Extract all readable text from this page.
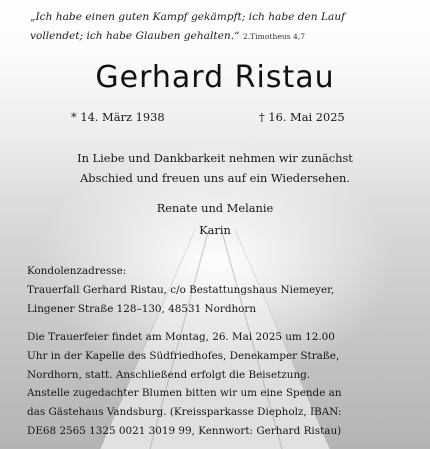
„Ich habe einen guten Kampf gekämpft; ich habe den Lauf
vollendet; ich habe Glauben gehalten.“ 2.Timotheus 4,7
Gerhard Ristau
* 14. März 1938	† 16. Mai 2025
In Liebe und Dankbarkeit nehmen wir zunächst
Abschied und freuen uns auf ein Wiedersehen.
Renate und Melanie
Karin
Kondolenzadresse:
Trauerfall Gerhard Ristau, c/o Bestattungshaus Niemeyer,
Lingener Straße 128–130, 48531 Nordhorn
Die Trauerfeier findet am Montag, 26. Mai 2025 um 12.00
Uhr in der Kapelle des Südfriedhofes, Denekamper Straße,
Nordhorn, statt. Anschließend erfolgt die Beisetzung.
Anstelle zugedachter Blumen bitten wir um eine Spende an
das Gästehaus Vandsburg. (Kreissparkasse Diepholz, IBAN:
DE68 2565 1325 0021 3019 99, Kennwort: Gerhard Ristau)
